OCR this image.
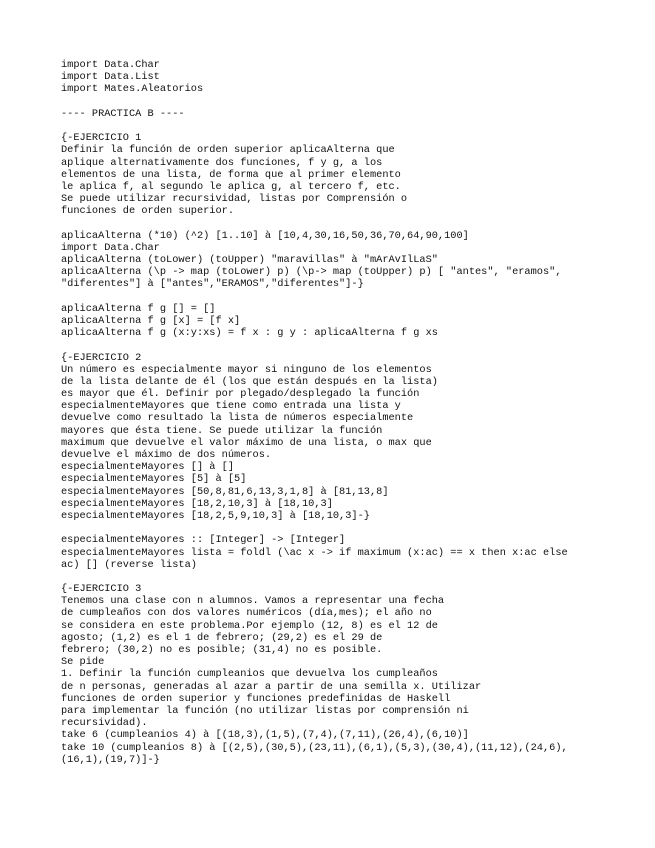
import Data.Char
import Data.List
import Mates.Aleatorios
---- PRACTICA B ----
{-EJERCICIO 1
Definir la función de orden superior aplicaAlterna que
aplique alternativamente dos funciones, f y g, a los
elementos de una lista, de forma que al primer elemento
le aplica f, al segundo le aplica g, al tercero f, etc.
Se puede utilizar recursividad, listas por Comprensión o
funciones de orden superior.
aplicaAlterna (*10) (^2) [1..10] à [10,4,30,16,50,36,70,64,90,100]
import Data.Char
aplicaAlterna (toLower) (toUpper) "maravillas" à "mArAvIlLaS"
aplicaAlterna (\p -> map (toLower) p) (\p-> map (toUpper) p) [ "antes", "eramos",
"diferentes"] à ["antes","ERAMOS","diferentes"]-}
aplicaAlterna f g [] = []
aplicaAlterna f g [x] = [f x]
aplicaAlterna f g (x:y:xs) = f x : g y : aplicaAlterna f g xs
{-EJERCICIO 2
Un número es especialmente mayor si ninguno de los elementos
de la lista delante de él (los que están después en la lista)
es mayor que él. Definir por plegado/desplegado la función
especialmenteMayores que tiene como entrada una lista y
devuelve como resultado la lista de números especialmente
mayores que ésta tiene. Se puede utilizar la función
maximum que devuelve el valor máximo de una lista, o max que
devuelve el máximo de dos números.
especialmenteMayores [] à []
especialmenteMayores [5] à [5]
especialmenteMayores [50,8,81,6,13,3,1,8] à [81,13,8]
especialmenteMayores [18,2,10,3] à [18,10,3]
especialmenteMayores [18,2,5,9,10,3] à [18,10,3]-}
especialmenteMayores :: [Integer] -> [Integer]
especialmenteMayores lista = foldl (\ac x -> if maximum (x:ac) == x then x:ac else
ac) [] (reverse lista)
{-EJERCICIO 3
Tenemos una clase con n alumnos. Vamos a representar una fecha
de cumpleaños con dos valores numéricos (día,mes); el año no
se considera en este problema.Por ejemplo (12, 8) es el 12 de
agosto; (1,2) es el 1 de febrero; (29,2) es el 29 de
febrero; (30,2) no es posible; (31,4) no es posible.
Se pide
1. Definir la función cumpleanios que devuelva los cumpleaños
de n personas, generadas al azar a partir de una semilla x. Utilizar
funciones de orden superior y funciones predefinidas de Haskell
para implementar la función (no utilizar listas por comprensión ni
recursividad).
take 6 (cumpleanios 4) à [(18,3),(1,5),(7,4),(7,11),(26,4),(6,10)]
take 10 (cumpleanios 8) à [(2,5),(30,5),(23,11),(6,1),(5,3),(30,4),(11,12),(24,6),
(16,1),(19,7)]-}
